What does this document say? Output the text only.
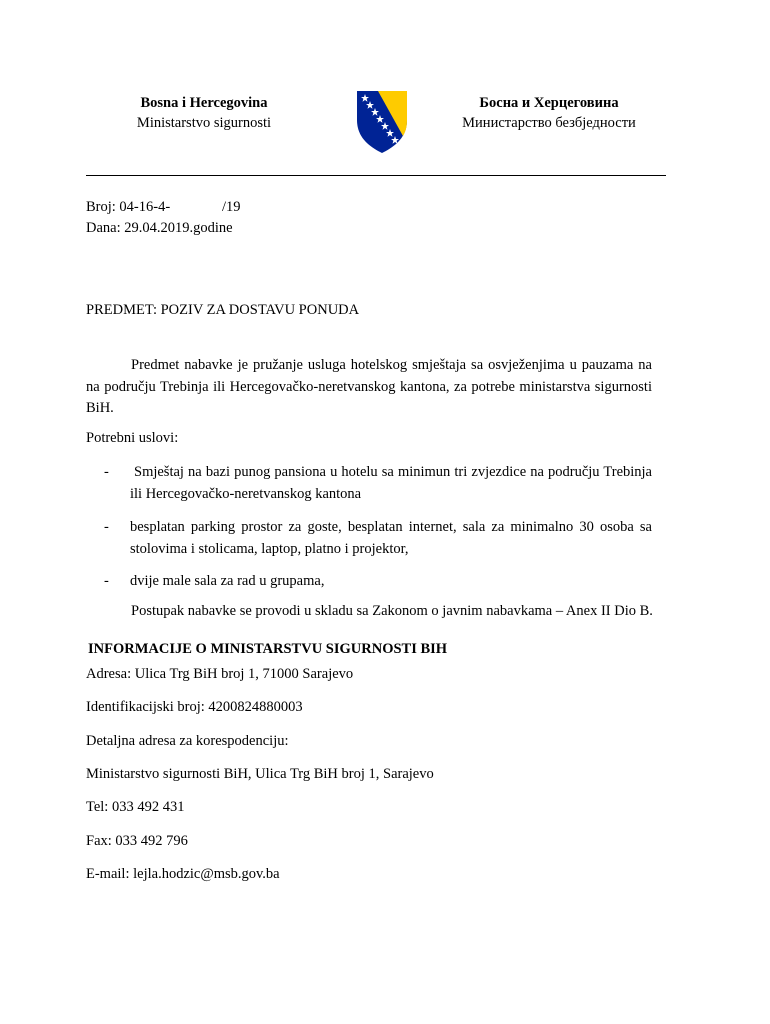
Bosna i Hercegovina
Ministarstvo sigurnosti
Босна и Херцеговина
Министарство безбједности
Broj: 04-16-4-	/19
Dana: 29.04.2019.godine
PREDMET: POZIV ZA DOSTAVU PONUDA
Predmet nabavke je pružanje usluga hotelskog smještaja sa osvježenjima u pauzama na na području Trebinja ili Hercegovačko-neretvanskog kantona, za potrebe ministarstva sigurnosti BiH.
Potrebni uslovi:
- Smještaj na bazi punog pansiona u hotelu sa minimun tri zvjezdice na području Trebinja ili Hercegovačko-neretvanskog kantona
- besplatan parking prostor za goste, besplatan internet, sala za minimalno 30 osoba sa stolovima i stolicama, laptop, platno i projektor,
- dvije male sala za rad u grupama,
Postupak nabavke se provodi u skladu sa Zakonom o javnim nabavkama – Anex II Dio B.
INFORMACIJE O MINISTARSTVU SIGURNOSTI BIH
Adresa: Ulica Trg BiH broj 1, 71000 Sarajevo
Identifikacijski broj: 4200824880003
Detaljna adresa za korespodenciju:
Ministarstvo sigurnosti BiH, Ulica Trg BiH broj 1, Sarajevo
Tel: 033 492 431
Fax: 033 492 796
E-mail: lejla.hodzic@msb.gov.ba
